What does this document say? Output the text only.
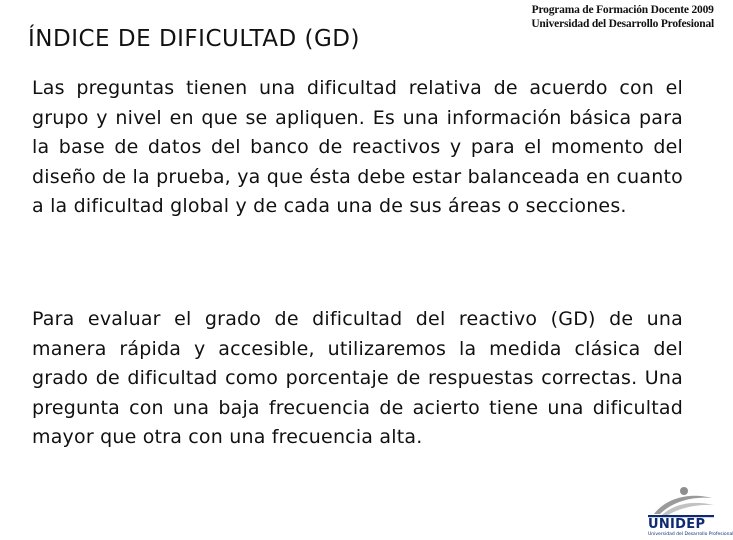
ÍNDICE DE DIFICULTAD (GD)
Programa de Formación Docente 2009
Universidad del Desarrollo Profesional

Las preguntas tienen una dificultad relativa de acuerdo con el grupo y nivel en que se apliquen. Es una información básica para la base de datos del banco de reactivos y para el momento del diseño de la prueba, ya que ésta debe estar balanceada en cuanto a la dificultad global y de cada una de sus áreas o secciones.

Para evaluar el grado de dificultad del reactivo (GD) de una manera rápida y accesible, utilizaremos la medida clásica del grado de dificultad como porcentaje de respuestas correctas. Una pregunta con una baja frecuencia de acierto tiene una dificultad mayor que otra con una frecuencia alta.

UNIDEP
Universidad del Desarrollo Profesional
